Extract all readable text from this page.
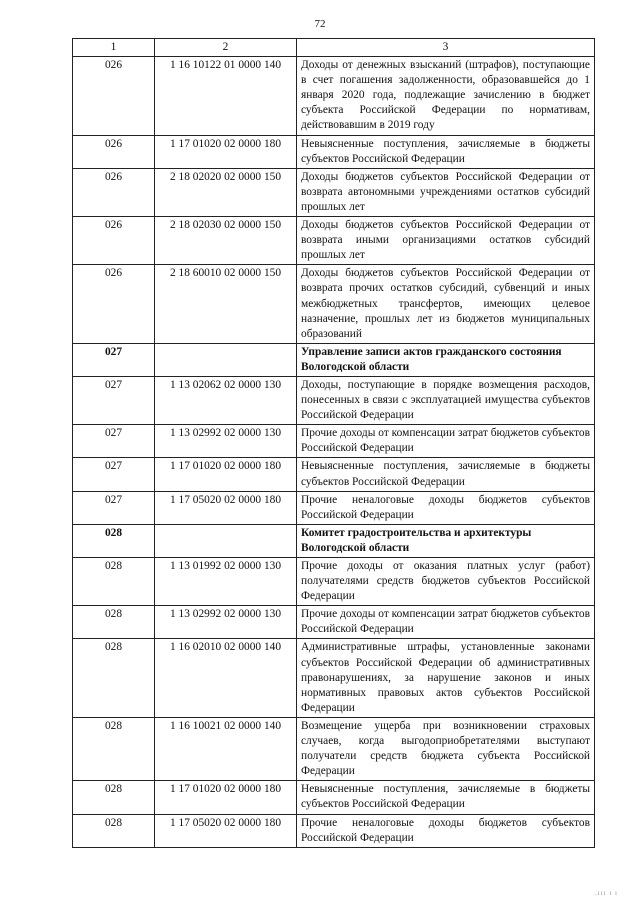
72
1	2	3
026	1 16 10122 01 0000 140	Доходы от денежных взысканий (штрафов), поступающие в счет погашения задолженности, образовавшейся до 1 января 2020 года, подлежащие зачислению в бюджет субъекта Российской Федерации по нормативам, действовавшим в 2019 году
026	1 17 01020 02 0000 180	Невыясненные поступления, зачисляемые в бюджеты субъектов Российской Федерации
026	2 18 02020 02 0000 150	Доходы бюджетов субъектов Российской Федерации от возврата автономными учреждениями остатков субсидий прошлых лет
026	2 18 02030 02 0000 150	Доходы бюджетов субъектов Российской Федерации от возврата иными организациями остатков субсидий прошлых лет
026	2 18 60010 02 0000 150	Доходы бюджетов субъектов Российской Федерации от возврата прочих остатков субсидий, субвенций и иных межбюджетных трансфертов, имеющих целевое назначение, прошлых лет из бюджетов муниципальных образований
027		Управление записи актов гражданского состояния Вологодской области
027	1 13 02062 02 0000 130	Доходы, поступающие в порядке возмещения расходов, понесенных в связи с эксплуатацией имущества субъектов Российской Федерации
027	1 13 02992 02 0000 130	Прочие доходы от компенсации затрат бюджетов субъектов Российской Федерации
027	1 17 01020 02 0000 180	Невыясненные поступления, зачисляемые в бюджеты субъектов Российской Федерации
027	1 17 05020 02 0000 180	Прочие неналоговые доходы бюджетов субъектов Российской Федерации
028		Комитет градостроительства и архитектуры Вологодской области
028	1 13 01992 02 0000 130	Прочие доходы от оказания платных услуг (работ) получателями средств бюджетов субъектов Российской Федерации
028	1 13 02992 02 0000 130	Прочие доходы от компенсации затрат бюджетов субъектов Российской Федерации
028	1 16 02010 02 0000 140	Административные штрафы, установленные законами субъектов Российской Федерации об административных правонарушениях, за нарушение законов и иных нормативных правовых актов субъектов Российской Федерации
028	1 16 10021 02 0000 140	Возмещение ущерба при возникновении страховых случаев, когда выгодоприобретателями выступают получатели средств бюджета субъекта Российской Федерации
028	1 17 01020 02 0000 180	Невыясненные поступления, зачисляемые в бюджеты субъектов Российской Федерации
028	1 17 05020 02 0000 180	Прочие неналоговые доходы бюджетов субъектов Российской Федерации
.ııı ı ı
